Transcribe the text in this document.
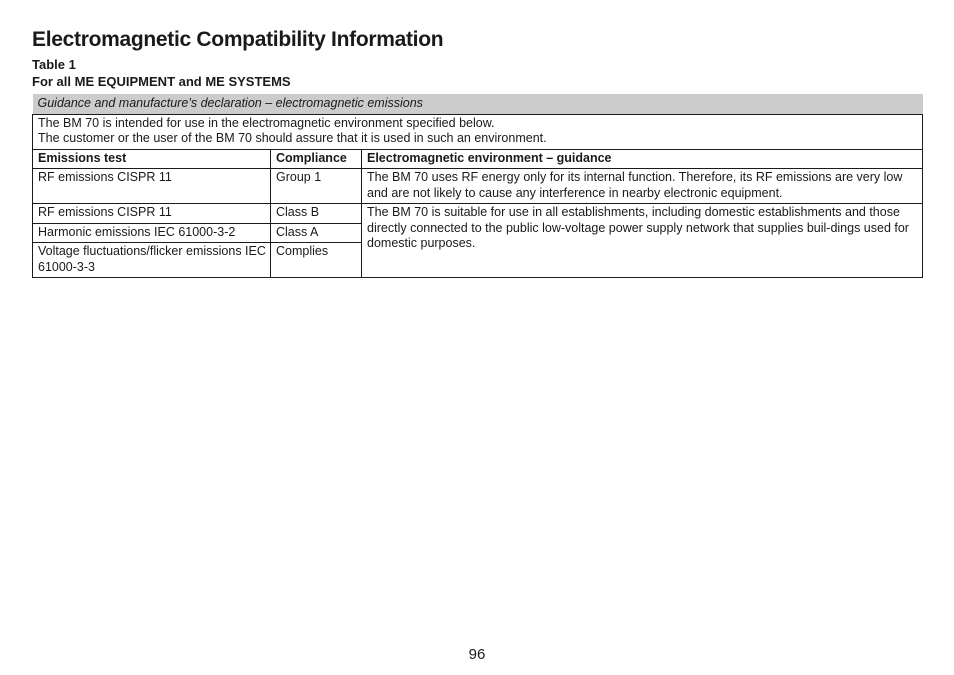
Electromagnetic Compatibility Information

Table 1

For all ME EQUIPMENT and ME SYSTEMS

Guidance and manufacture’s declaration – electromagnetic emissions		

The BM 70 is intended for use in the electromagnetic environment specified below.
The customer or the user of the BM 70 should assure that it is used in such an environment.		

Emissions test	Compliance	Electromagnetic environment – guidance
RF emissions CISPR 11	Group 1	The BM 70 uses RF energy only for its internal function. Therefore, its RF emissions are very low and are not likely to cause any interference in nearby electronic equipment.
RF emissions CISPR 11	Class B	The BM 70 is suitable for use in all establishments, including domestic establishments and those directly connected to the public low-voltage power supply network that supplies buil-dings used for domestic purposes.
Harmonic emissions IEC 61000-3-2	Class A	
Voltage fluctuations/flicker emissions IEC 61000-3-3	Complies	
96
